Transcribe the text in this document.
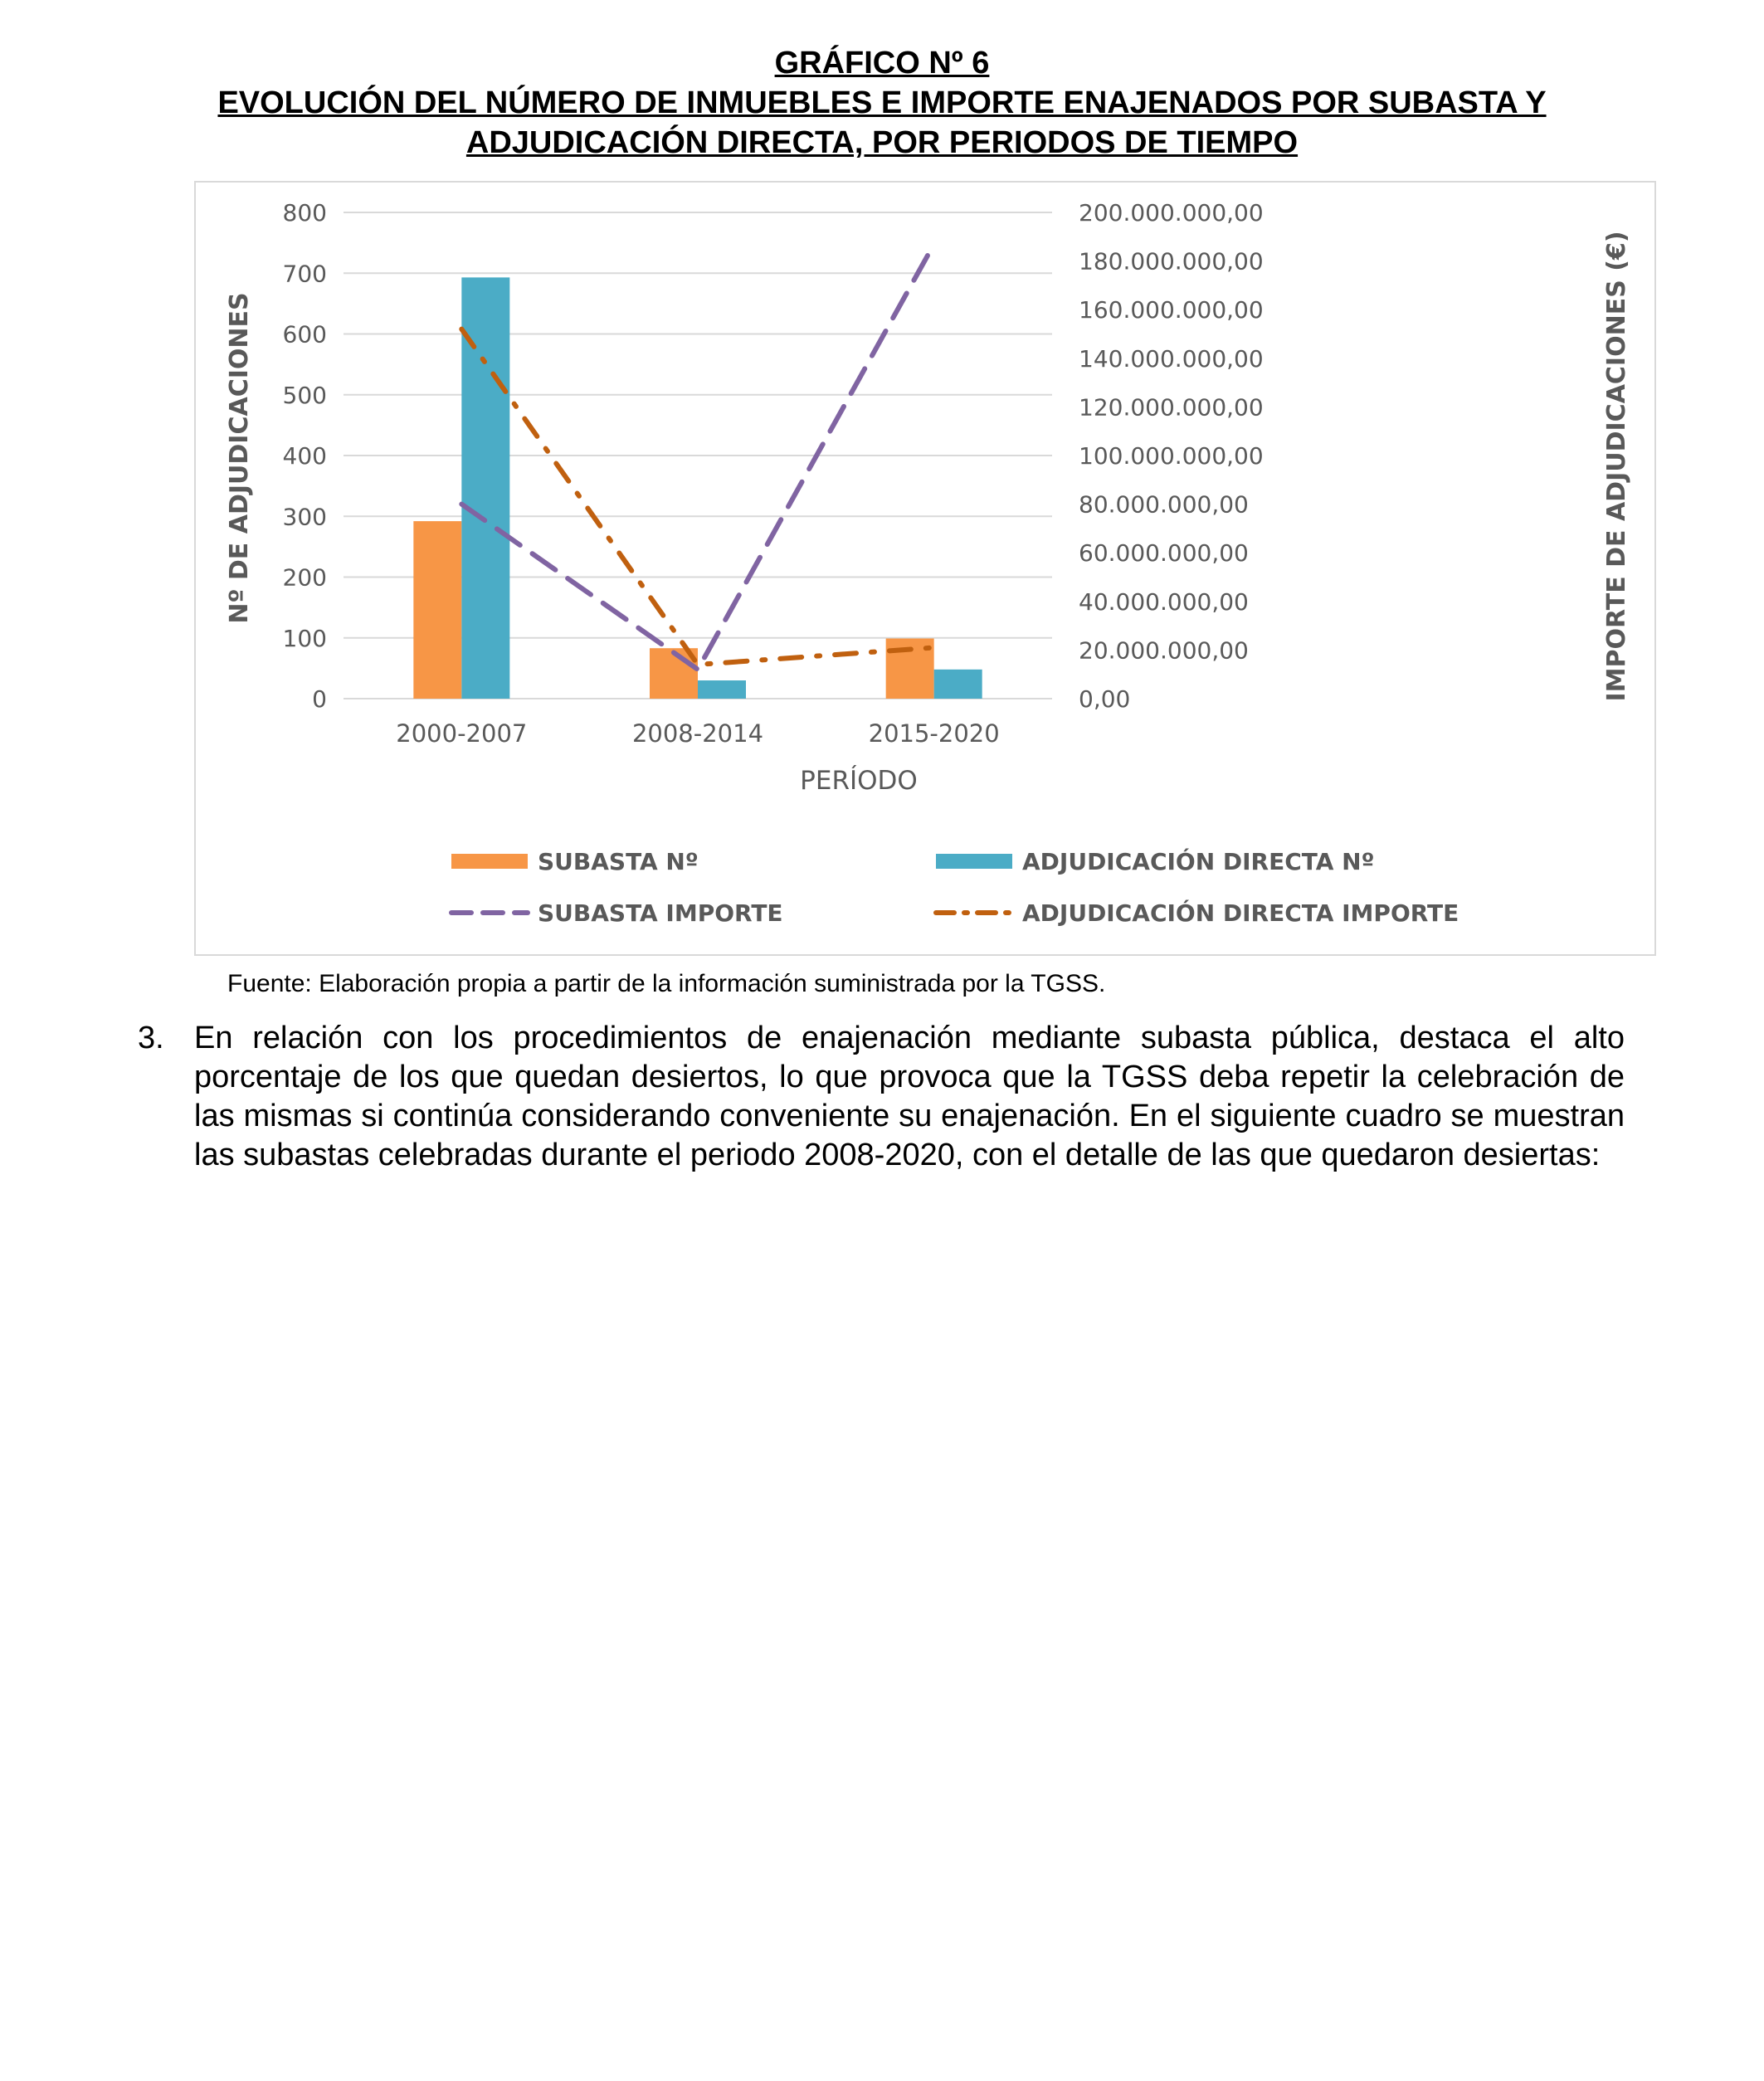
GRÁFICO Nº 6

EVOLUCIÓN DEL NÚMERO DE INMUEBLES E IMPORTE ENAJENADOS POR SUBASTA Y

ADJUDICACIÓN DIRECTA, POR PERIODOS DE TIEMPO

0
100
200
300
400
500
600
700
800
0,00
20.000.000,00
40.000.000,00
60.000.000,00
80.000.000,00
100.000.000,00
120.000.000,00
140.000.000,00
160.000.000,00
180.000.000,00
200.000.000,00
2000-2007	2008-2014	2015-2020
Nº DE ADJUDICACIONES	IMPORTE DE ADJUDICACIONES (€)
PERÍODO
SUBASTA Nº	ADJUDICACIÓN DIRECTA Nº
SUBASTA IMPORTE	ADJUDICACIÓN DIRECTA IMPORTE

Fuente: Elaboración propia a partir de la información suministrada por la TGSS.

3. En relación con los procedimientos de enajenación mediante subasta pública, destaca el alto porcentaje de los que quedan desiertos, lo que provoca que la TGSS deba repetir la celebración de las mismas si continúa considerando conveniente su enajenación. En el siguiente cuadro se muestran las subastas celebradas durante el periodo 2008-2020, con el detalle de las que quedaron desiertas:
